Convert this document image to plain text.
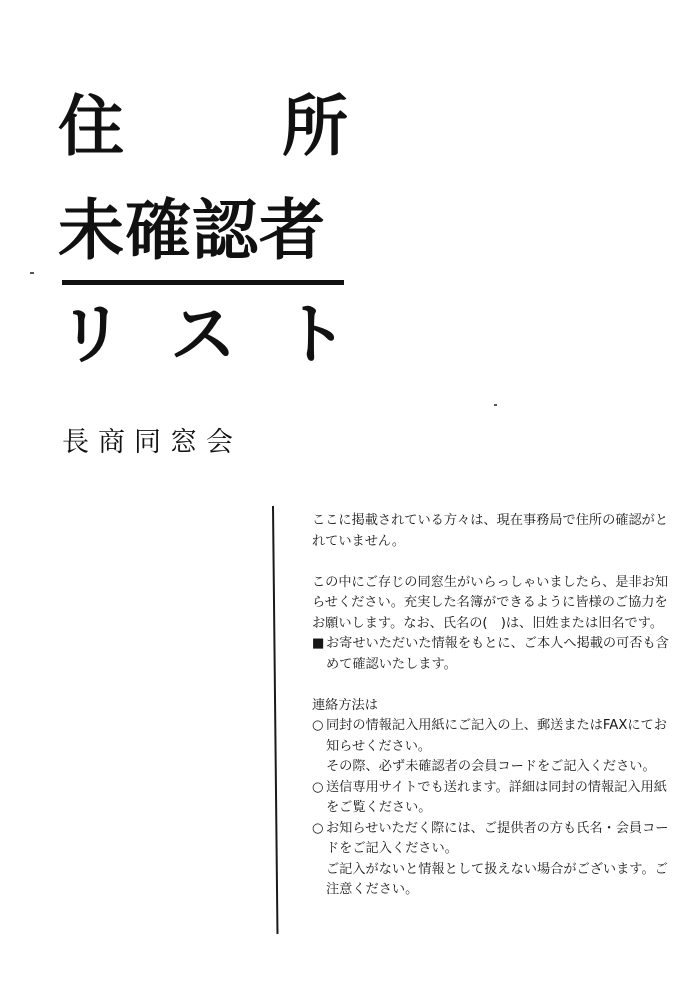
住 所
未確認者
リ ス ト
長商同窓会

ここに掲載されている方々は、現在事務局で住所の確認がとれていません。

この中にご存じの同窓生がいらっしゃいましたら、是非お知らせください。充実した名簿ができるように皆様のご協力をお願いします。なお、氏名の(　)は、旧姓または旧名です。

■ お寄せいただいた情報をもとに、ご本人へ掲載の可否も含めて確認いたします。

連絡方法は

○ 同封の情報記入用紙にご記入の上、郵送またはFAXにてお知らせください。

その際、必ず未確認者の会員コードをご記入ください。

○ 送信専用サイトでも送れます。詳細は同封の情報記入用紙をご覧ください。
○ お知らせいただく際には、ご提供者の方も氏名・会員コードをご記入ください。

ご記入がないと情報として扱えない場合がございます。ご注意ください。
